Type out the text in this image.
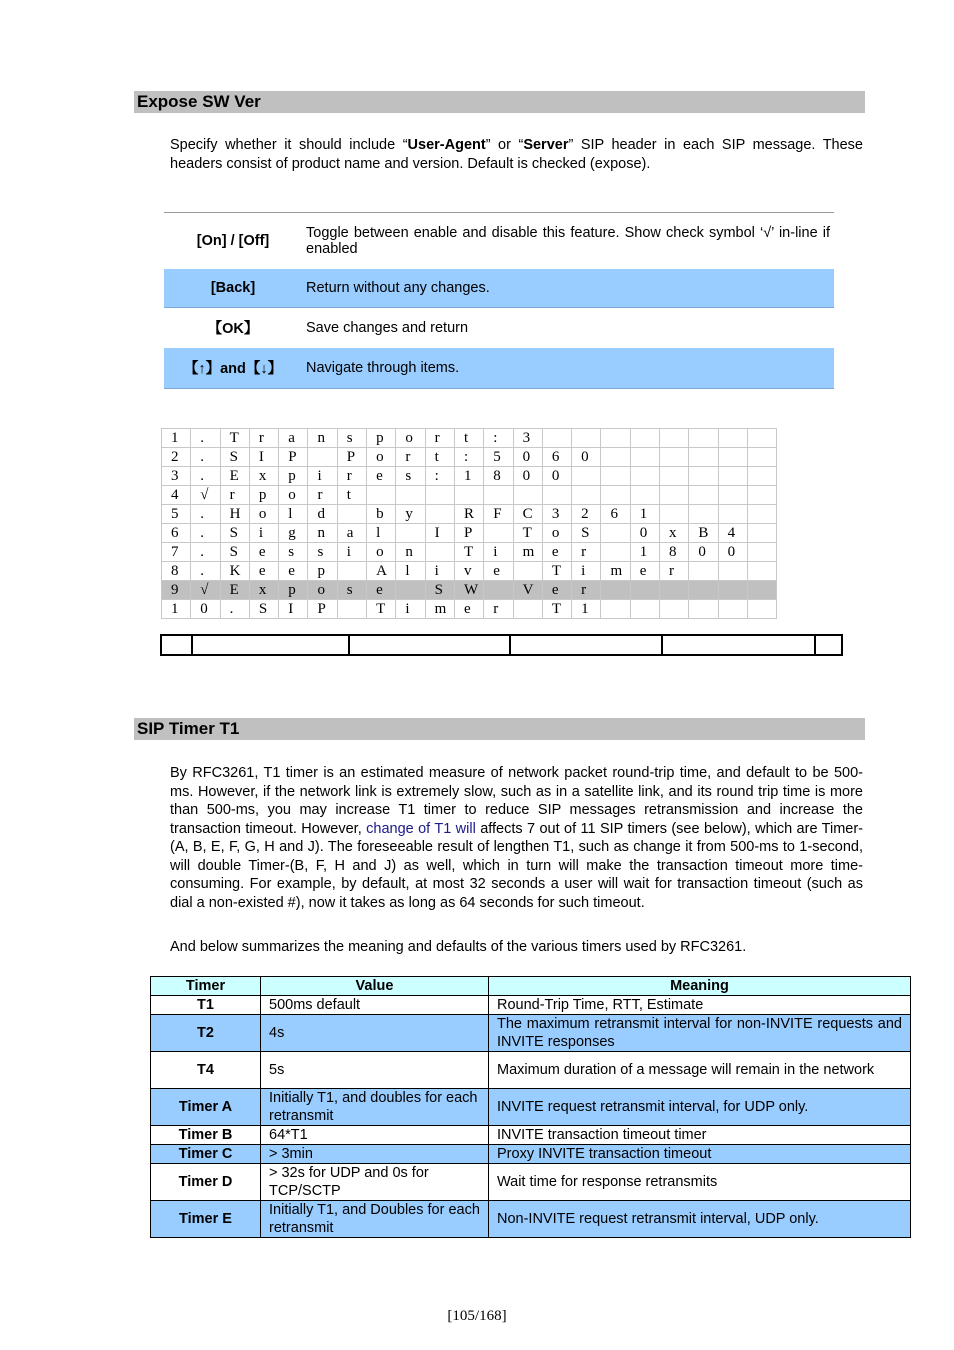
Expose SW Ver
Specify whether it should include “User-Agent” or “Server” SIP header in each SIP message. These headers consist of product name and version. Default is checked (expose).
[On] / [Off]	Toggle between enable and disable this feature. Show check symbol ‘√’ in-line if enabled
[Back]	Return without any changes.
【OK】	Save changes and return
【↑】and【↓】	Navigate through items.
1	.	T	r	a	n	s	p	o	r	t	:	3								
2	.	S	I	P		P	o	r	t	:	5	0	6	0						
3	.	E	x	p	i	r	e	s	:	1	8	0	0							
4	√	r	p	o	r	t														
5	.	H	o	l	d		b	y		R	F	C	3	2	6	1				
6	.	S	i	g	n	a	l		I	P		T	o	S		0	x	B	4	
7	.	S	e	s	s	i	o	n		T	i	m	e	r		1	8	0	0	
8	.	K	e	e	p		A	l	i	v	e		T	i	m	e	r			
9	√	E	x	p	o	s	e		S	W		V	e	r						
1	0	.	S	I	P		T	i	m	e	r		T	1						
SIP Timer T1
By RFC3261, T1 timer is an estimated measure of network packet round-trip time, and default to be 500-ms. However, if the network link is extremely slow, such as in a satellite link, and its round trip time is more than 500-ms, you may increase T1 timer to reduce SIP messages retransmission and increase the transaction timeout. However, change of T1 will affects 7 out of 11 SIP timers (see below), which are Timer-(A, B, E, F, G, H and J). The foreseeable result of lengthen T1, such as change it from 500-ms to 1-second, will double Timer-(B, F, H and J) as well, which in turn will make the transaction timeout more time-consuming. For example, by default, at most 32 seconds a user will wait for transaction timeout (such as dial a non-existed #), now it takes as long as 64 seconds for such timeout.
And below summarizes the meaning and defaults of the various timers used by RFC3261.
Timer	Value	Meaning
T1	500ms default	Round-Trip Time, RTT, Estimate
T2	4s	The maximum retransmit interval for non-INVITE requests and INVITE responses
T4	5s	Maximum duration of a message will remain in the network
Timer A	Initially T1, and doubles for each retransmit	INVITE request retransmit interval, for UDP only.
Timer B	64*T1	INVITE transaction timeout timer
Timer C	> 3min	Proxy INVITE transaction timeout
Timer D	> 32s for UDP and 0s for TCP/SCTP	Wait time for response retransmits
Timer E	Initially T1, and Doubles for each retransmit	Non-INVITE request retransmit interval, UDP only.
[105/168]
